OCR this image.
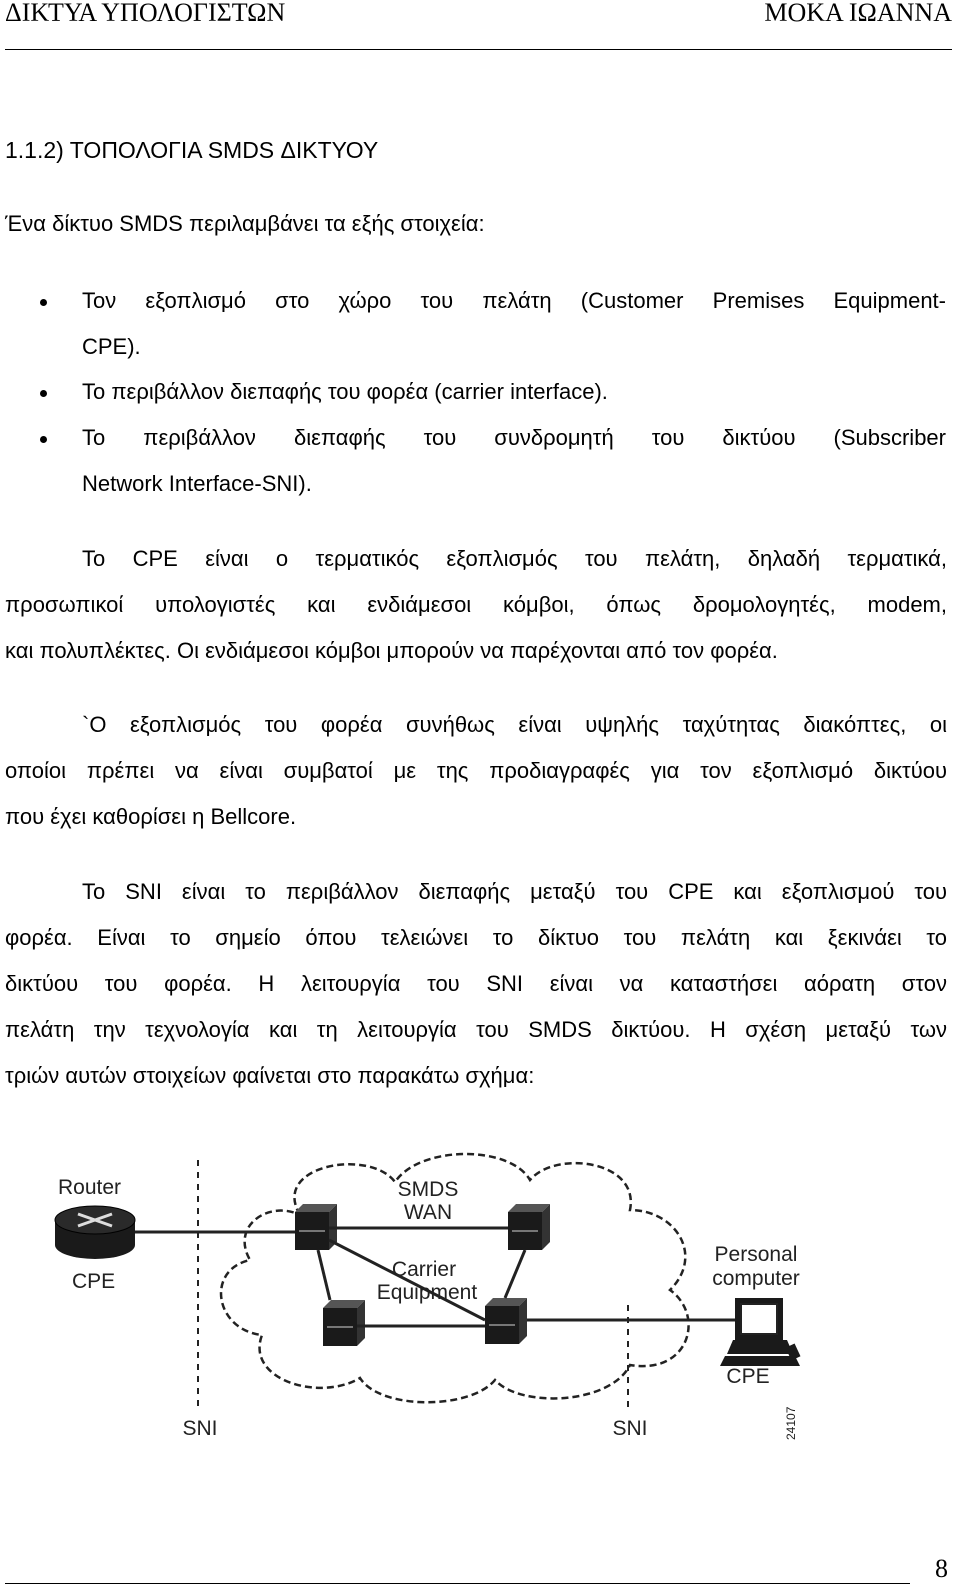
ΔΙΚΤΥΑ ΥΠΟΛΟΓΙΣΤΩΝ	ΜΟΚΑ ΙΩΑΝΝΑ
1.1.2) ΤΟΠΟΛΟΓΙΑ SMDS ΔΙΚΤΥΟΥ
Ένα δίκτυο SMDS περιλαμβάνει τα εξής στοιχεία:
Τον εξοπλισμό στο χώρο του πελάτη (Customer Premises Equipment-
CPE).
Το περιβάλλον διεπαφής του φορέα (carrier interface).
Το περιβάλλον διεπαφής του συνδρομητή του δικτύου (Subscriber
Network Interface-SNI).
Το CPE είναι ο τερματικός εξοπλισμός του πελάτη, δηλαδή τερματικά,
προσωπικοί υπολογιστές και ενδιάμεσοι κόμβοι, όπως δρομολογητές, modem,
και πολυπλέκτες. Οι ενδιάμεσοι κόμβοι μπορούν να παρέχονται από τον φορέα.
`Ο εξοπλισμός του φορέα συνήθως είναι υψηλής ταχύτητας διακόπτες, οι
οποίοι πρέπει να είναι συμβατοί με της προδιαγραφές για τον εξοπλισμό δικτύου
που έχει καθορίσει η Bellcore.
Το SNI είναι το περιβάλλον διεπαφής μεταξύ του CPE και εξοπλισμού του
φορέα. Είναι το σημείο όπου τελειώνει το δίκτυο του πελάτη και ξεκινάει το
δικτύου του φορέα. Η λειτουργία του SNI είναι να καταστήσει αόρατη στον
πελάτη την τεχνολογία και τη λειτουργία του SMDS δικτύου. Η σχέση μεταξύ των
τριών αυτών στοιχείων φαίνεται στο παρακάτω σχήμα:
Router
CPE
SMDS
WAN
Carrier
Equipment
Personal
computer
CPE
SNI	SNI	24107
8
